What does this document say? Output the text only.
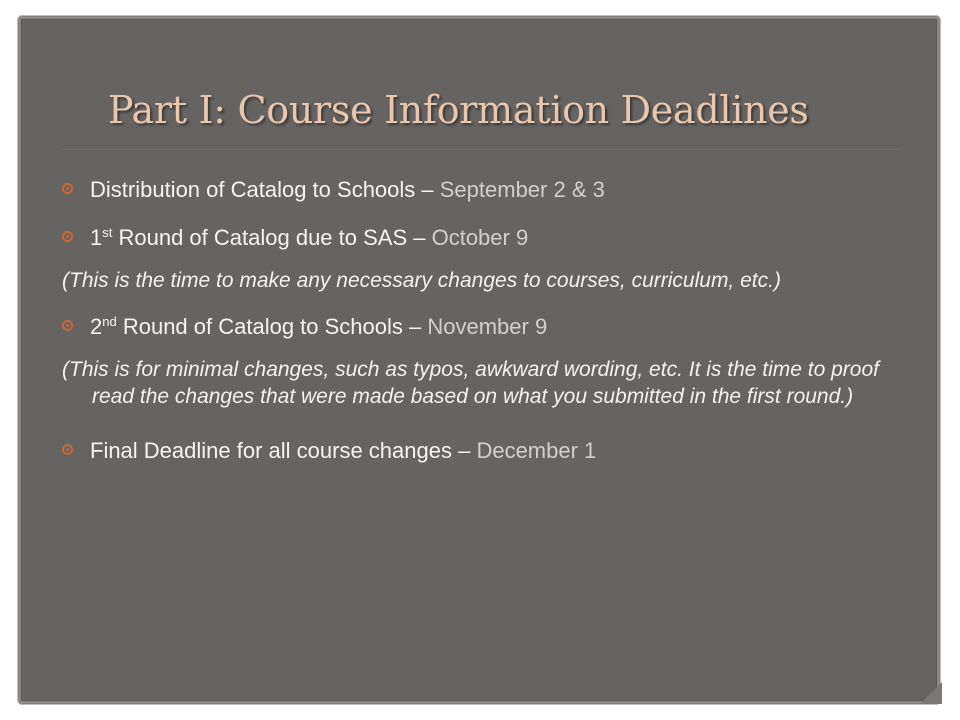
Part I: Course Information Deadlines
Distribution of Catalog to Schools – September 2 & 3
1st Round of Catalog due to SAS – October 9
(This is the time to make any necessary changes to courses, curriculum, etc.)
2nd Round of Catalog to Schools – November 9
(This is for minimal changes, such as typos, awkward wording, etc. It is the time to proof read the changes that were made based on what you submitted in the first round.)
Final Deadline for all course changes – December 1
